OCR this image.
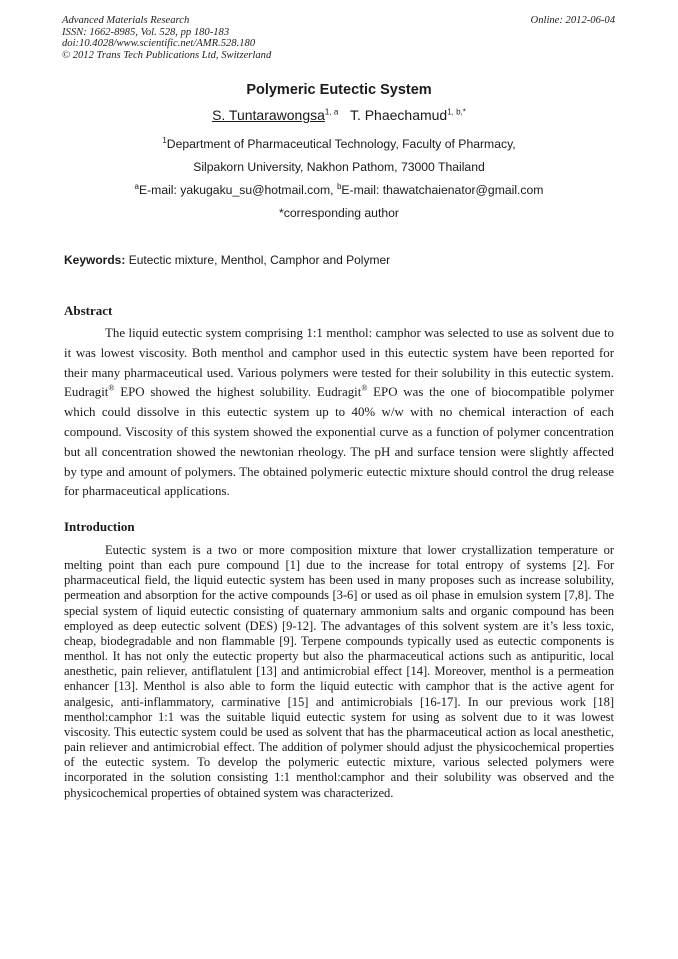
Advanced Materials Research
ISSN: 1662-8985, Vol. 528, pp 180-183
doi:10.4028/www.scientific.net/AMR.528.180
© 2012 Trans Tech Publications Ltd, Switzerland
Online: 2012-06-04
Polymeric Eutectic System
S. Tuntarawongsa$^{1, a}$ T. Phaechamud$^{1, b,*}$
$^1$Department of Pharmaceutical Technology, Faculty of Pharmacy,
Silpakorn University, Nakhon Pathom, 73000 Thailand
$^a$E-mail: yakugaku_su@hotmail.com, $^b$E-mail: thawatchaienator@gmail.com
*corresponding author
Keywords: Eutectic mixture, Menthol, Camphor and Polymer
Abstract

The liquid eutectic system comprising 1:1 menthol: camphor was selected to use as solvent due to it was lowest viscosity. Both menthol and camphor used in this eutectic system have been reported for their many pharmaceutical used. Various polymers were tested for their solubility in this eutectic system. Eudragit® EPO showed the highest solubility. Eudragit® EPO was the one of biocompatible polymer which could dissolve in this eutectic system up to 40% w/w with no chemical interaction of each compound. Viscosity of this system showed the exponential curve as a function of polymer concentration but all concentration showed the newtonian rheology. The pH and surface tension were slightly affected by type and amount of polymers. The obtained polymeric eutectic mixture should control the drug release for pharmaceutical applications.

Introduction

Eutectic system is a two or more composition mixture that lower crystallization temperature or melting point than each pure compound [1] due to the increase for total entropy of systems [2]. For pharmaceutical field, the liquid eutectic system has been used in many proposes such as increase solubility, permeation and absorption for the active compounds [3-6] or used as oil phase in emulsion system [7,8]. The special system of liquid eutectic consisting of quaternary ammonium salts and organic compound has been employed as deep eutectic solvent (DES) [9-12]. The advantages of this solvent system are it’s less toxic, cheap, biodegradable and non flammable [9]. Terpene compounds typically used as eutectic components is menthol. It has not only the eutectic property but also the pharmaceutical actions such as antipuritic, local anesthetic, pain reliever, antiflatulent [13] and antimicrobial effect [14]. Moreover, menthol is a permeation enhancer [13]. Menthol is also able to form the liquid eutectic with camphor that is the active agent for analgesic, anti-inflammatory, carminative [15] and antimicrobials [16-17]. In our previous work [18] menthol:camphor 1:1 was the suitable liquid eutectic system for using as solvent due to it was lowest viscosity. This eutectic system could be used as solvent that has the pharmaceutical action as local anesthetic, pain reliever and antimicrobial effect. The addition of polymer should adjust the physicochemical properties of the eutectic system. To develop the polymeric eutectic mixture, various selected polymers were incorporated in the solution consisting 1:1 menthol:camphor and their solubility was observed and the physicochemical properties of obtained system was characterized.
